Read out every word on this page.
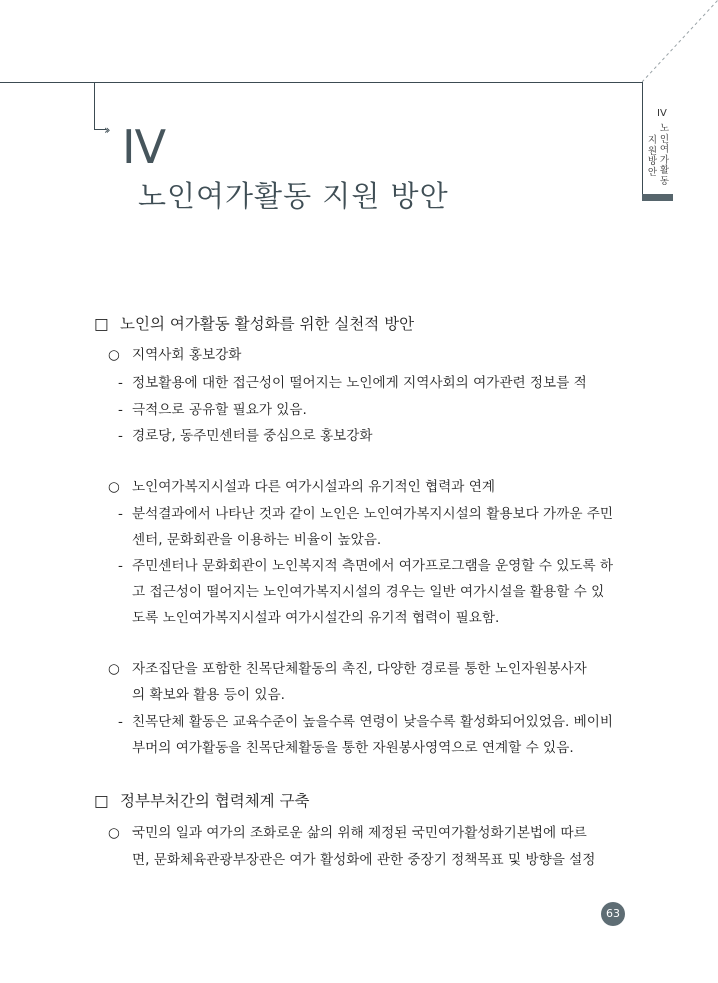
›› IV
노인여가활동 지원 방안
IV
노인여가활동
지원 방안
□ 노인의 여가활동 활성화를 위한 실천적 방안
○ 지역사회 홍보강화
- 정보활용에 대한 접근성이 떨어지는 노인에게 지역사회의 여가관련 정보를 적
- 극적으로 공유할 필요가 있음.
- 경로당, 동주민센터를 중심으로 홍보강화
○ 노인여가복지시설과 다른 여가시설과의 유기적인 협력과 연계
- 분석결과에서 나타난 것과 같이 노인은 노인여가복지시설의 활용보다 가까운 주민
센터, 문화회관을 이용하는 비율이 높았음.
- 주민센터나 문화회관이 노인복지적 측면에서 여가프로그램을 운영할 수 있도록 하
고 접근성이 떨어지는 노인여가복지시설의 경우는 일반 여가시설을 활용할 수 있
도록 노인여가복지시설과 여가시설간의 유기적 협력이 필요함.
○ 자조집단을 포함한 친목단체활동의 촉진, 다양한 경로를 통한 노인자원봉사자
의 확보와 활용 등이 있음.
- 친목단체 활동은 교육수준이 높을수록 연령이 낮을수록 활성화되어있었음. 베이비
부머의 여가활동을 친목단체활동을 통한 자원봉사영역으로 연계할 수 있음.
□ 정부부처간의 협력체계 구축
○ 국민의 일과 여가의 조화로운 삶의 위해 제정된 국민여가활성화기본법에 따르
면, 문화체육관광부장관은 여가 활성화에 관한 중장기 정책목표 및 방향을 설정
63
